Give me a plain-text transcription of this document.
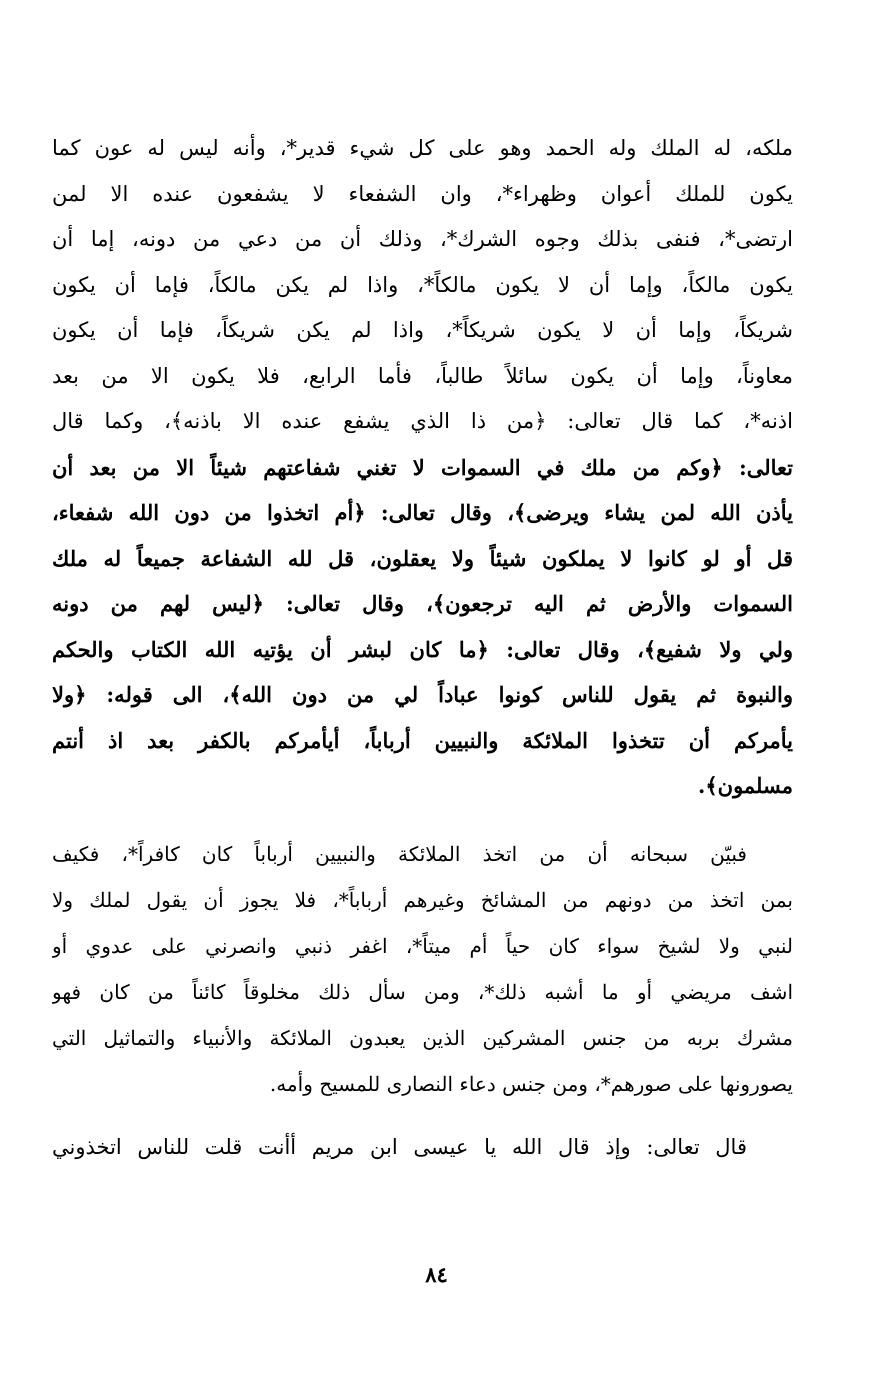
ملكه، له الملك وله الحمد وهو على كل شيء قدير*، وأنه ليس له عون كما
يكون للملك أعوان وظهراء*، وان الشفعاء لا يشفعون عنده الا لمن
ارتضى*، فنفى بذلك وجوه الشرك*، وذلك أن من دعي من دونه، إما أن
يكون مالكاً، وإما أن لا يكون مالكاً*، واذا لم يكن مالكاً، فإما أن يكون
شريكاً، وإما أن لا يكون شريكاً*، واذا لم يكن شريكاً، فإما أن يكون
معاوناً، وإما أن يكون سائلاً طالباً، فأما الرابع، فلا يكون الا من بعد
اذنه*، كما قال تعالى: ﴿من ذا الذي يشفع عنده الا باذنه﴾، وكما قال
تعالى: ﴿وكم من ملك في السموات لا تغني شفاعتهم شيئاً الا من بعد أن
يأذن الله لمن يشاء ويرضى﴾، وقال تعالى: ﴿أم اتخذوا من دون الله شفعاء،
قل أو لو كانوا لا يملكون شيئاً ولا يعقلون، قل لله الشفاعة جميعاً له ملك
السموات والأرض ثم اليه ترجعون﴾، وقال تعالى: ﴿ليس لهم من دونه
ولي ولا شفيع﴾، وقال تعالى: ﴿ما كان لبشر أن يؤتيه الله الكتاب والحكم
والنبوة ثم يقول للناس كونوا عباداً لي من دون الله﴾، الى قوله: ﴿ولا
يأمركم أن تتخذوا الملائكة والنبيين أرباباً، أيأمركم بالكفر بعد اذ أنتم
مسلمون﴾.
فبيّن سبحانه أن من اتخذ الملائكة والنبيين أرباباً كان كافراً*، فكيف
بمن اتخذ من دونهم من المشائخ وغيرهم أرباباً*، فلا يجوز أن يقول لملك ولا
لنبي ولا لشيخ سواء كان حياً أم ميتاً*، اغفر ذنبي وانصرني على عدوي أو
اشف مريضي أو ما أشبه ذلك*، ومن سأل ذلك مخلوقاً كائناً من كان فهو
مشرك بربه من جنس المشركين الذين يعبدون الملائكة والأنبياء والتماثيل التي
يصورونها على صورهم*، ومن جنس دعاء النصارى للمسيح وأمه.
قال تعالى: وإذ قال الله يا عيسى ابن مريم أأنت قلت للناس اتخذوني
٨٤
